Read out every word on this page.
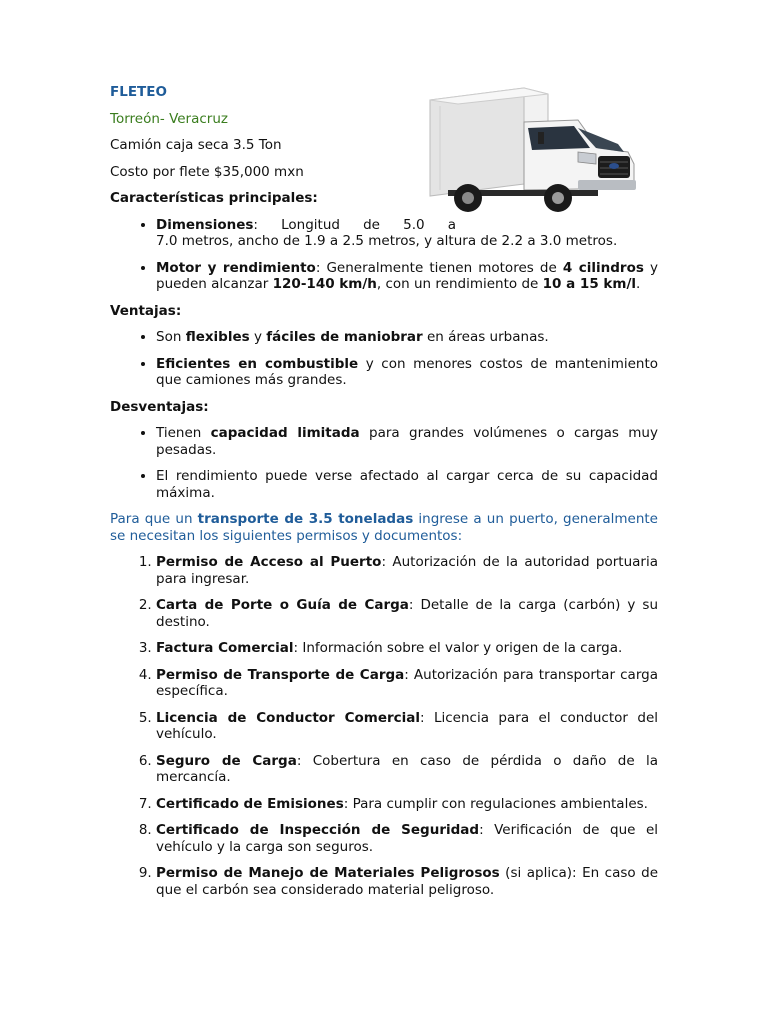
FLETEO
Torreón- Veracruz

Camión caja seca 3.5 Ton

Costo por flete $35,000 mxn

Características principales:
• Dimensiones: Longitud de 5.0 a
7.0 metros, ancho de 1.9 a 2.5 metros, y altura de 2.2 a 3.0 metros.
• Motor y rendimiento: Generalmente tienen motores de 4 cilindros y pueden alcanzar 120-140 km/h, con un rendimiento de 10 a 15 km/l.
Ventajas:
• Son flexibles y fáciles de maniobrar en áreas urbanas.
• Eficientes en combustible y con menores costos de mantenimiento que camiones más grandes.
Desventajas:
• Tienen capacidad limitada para grandes volúmenes o cargas muy pesadas.
• El rendimiento puede verse afectado al cargar cerca de su capacidad máxima.

Para que un transporte de 3.5 toneladas ingrese a un puerto, generalmente se necesitan los siguientes permisos y documentos:

1. Permiso de Acceso al Puerto: Autorización de la autoridad portuaria para ingresar.
2. Carta de Porte o Guía de Carga: Detalle de la carga (carbón) y su destino.
3. Factura Comercial: Información sobre el valor y origen de la carga.
4. Permiso de Transporte de Carga: Autorización para transportar carga específica.
5. Licencia de Conductor Comercial: Licencia para el conductor del vehículo.
6. Seguro de Carga: Cobertura en caso de pérdida o daño de la mercancía.
7. Certificado de Emisiones: Para cumplir con regulaciones ambientales.
8. Certificado de Inspección de Seguridad: Verificación de que el vehículo y la carga son seguros.
9. Permiso de Manejo de Materiales Peligrosos (si aplica): En caso de que el carbón sea considerado material peligroso.
